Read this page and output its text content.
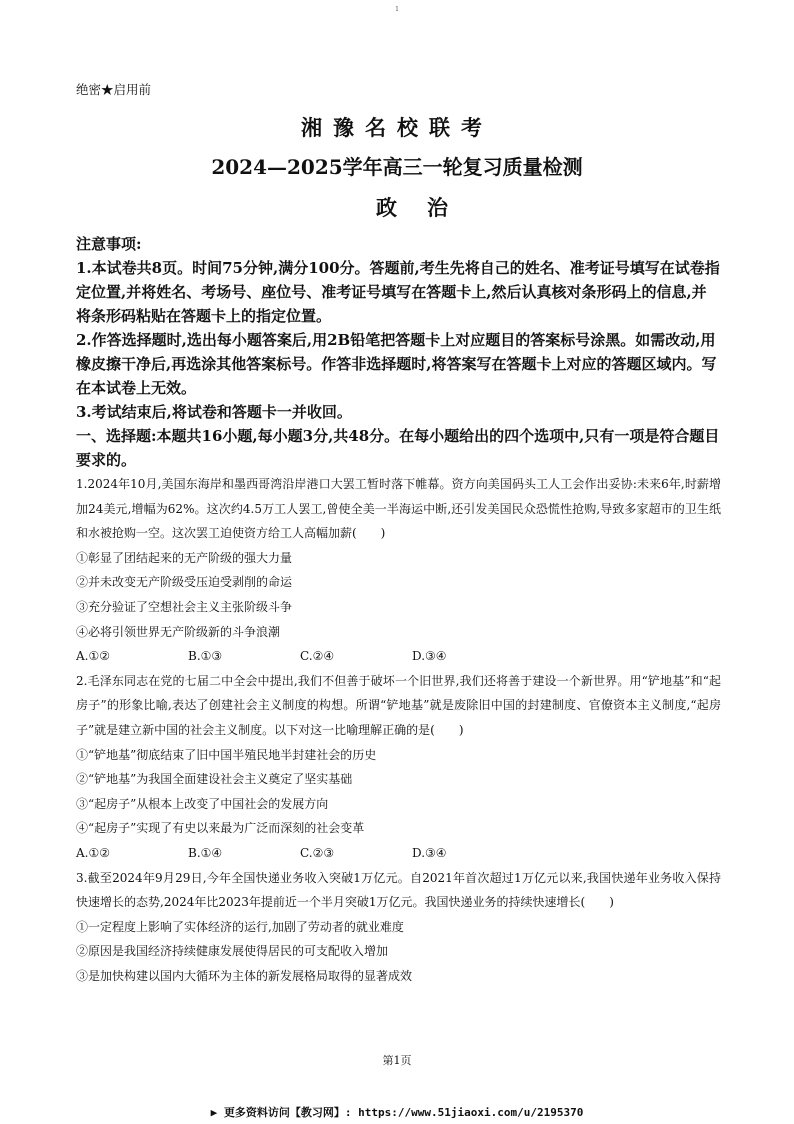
1
绝密★启用前
湘豫名校联考
2024—2025学年高三一轮复习质量检测
政治

注意事项:

1.本试卷共8页。时间75分钟,满分100分。答题前,考生先将自己的姓名、准考证号填写在试卷指定位置,并将姓名、考场号、座位号、准考证号填写在答题卡上,然后认真核对条形码上的信息,并将条形码粘贴在答题卡上的指定位置。

2.作答选择题时,选出每小题答案后,用2B铅笔把答题卡上对应题目的答案标号涂黑。如需改动,用橡皮擦干净后,再选涂其他答案标号。作答非选择题时,将答案写在答题卡上对应的答题区域内。写在本试卷上无效。

3.考试结束后,将试卷和答题卡一并收回。

一、选择题:本题共16小题,每小题3分,共48分。在每小题给出的四个选项中,只有一项是符合题目要求的。

1.2024年10月,美国东海岸和墨西哥湾沿岸港口大罢工暂时落下帷幕。资方向美国码头工人工会作出妥协:未来6年,时薪增加24美元,增幅为62%。这次约4.5万工人罢工,曾使全美一半海运中断,还引发美国民众恐慌性抢购,导致多家超市的卫生纸和水被抢购一空。这次罢工迫使资方给工人高幅加薪(　　)

①彰显了团结起来的无产阶级的强大力量

②并未改变无产阶级受压迫受剥削的命运

③充分验证了空想社会主义主张阶级斗争

④必将引领世界无产阶级新的斗争浪潮

A.①②	B.①③	C.②④	D.③④

2.毛泽东同志在党的七届二中全会中提出,我们不但善于破坏一个旧世界,我们还将善于建设一个新世界。用“铲地基”和“起房子”的形象比喻,表达了创建社会主义制度的构想。所谓“铲地基”就是废除旧中国的封建制度、官僚资本主义制度,“起房子”就是建立新中国的社会主义制度。以下对这一比喻理解正确的是(　　)

①“铲地基”彻底结束了旧中国半殖民地半封建社会的历史

②“铲地基”为我国全面建设社会主义奠定了坚实基础

③“起房子”从根本上改变了中国社会的发展方向

④“起房子”实现了有史以来最为广泛而深刻的社会变革

A.①②	B.①④	C.②③	D.③④

3.截至2024年9月29日,今年全国快递业务收入突破1万亿元。自2021年首次超过1万亿元以来,我国快递年业务收入保持快速增长的态势,2024年比2023年提前近一个半月突破1万亿元。我国快递业务的持续快速增长(　　)

①一定程度上影响了实体经济的运行,加剧了劳动者的就业难度

②原因是我国经济持续健康发展使得居民的可支配收入增加

③是加快构建以国内大循环为主体的新发展格局取得的显著成效

第1页
▶ 更多资料访问【教习网】: https://www.51jiaoxi.com/u/2195370
